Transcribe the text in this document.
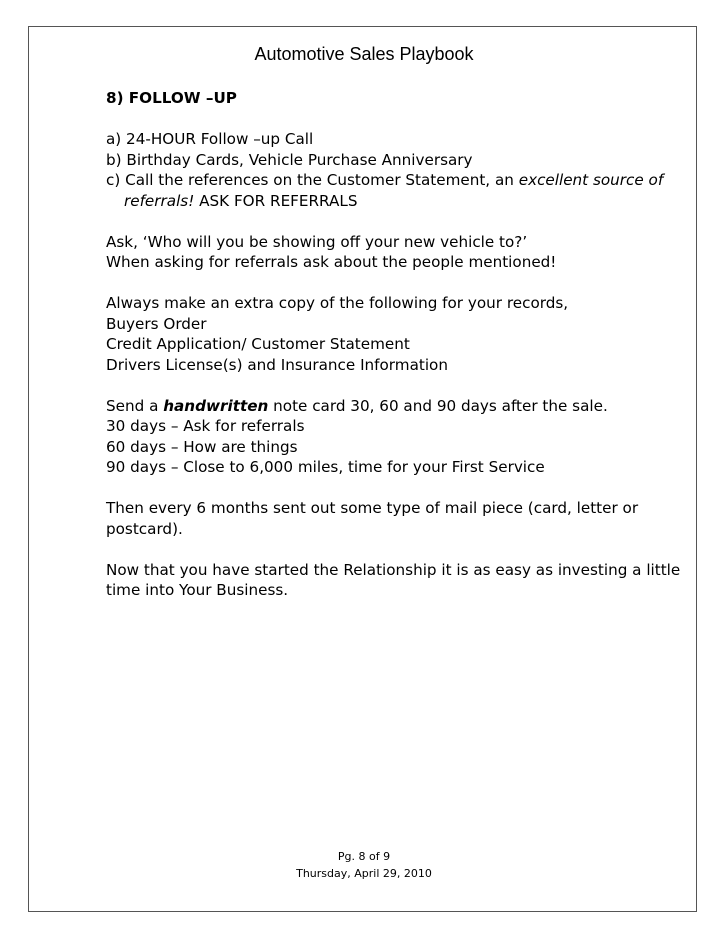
Automotive Sales Playbook
8) FOLLOW –UP
a) 24-HOUR Follow –up Call
b) Birthday Cards, Vehicle Purchase Anniversary
c) Call the references on the Customer Statement, an excellent source of
referrals! ASK FOR REFERRALS
Ask, ‘Who will you be showing off your new vehicle to?’
When asking for referrals ask about the people mentioned!
Always make an extra copy of the following for your records,
Buyers Order
Credit Application/ Customer Statement
Drivers License(s) and Insurance Information
Send a handwritten note card 30, 60 and 90 days after the sale.
30 days – Ask for referrals
60 days – How are things
90 days – Close to 6,000 miles, time for your First Service
Then every 6 months sent out some type of mail piece (card, letter or
postcard).
Now that you have started the Relationship it is as easy as investing a little
time into Your Business.
Pg. 8 of 9
Thursday, April 29, 2010
